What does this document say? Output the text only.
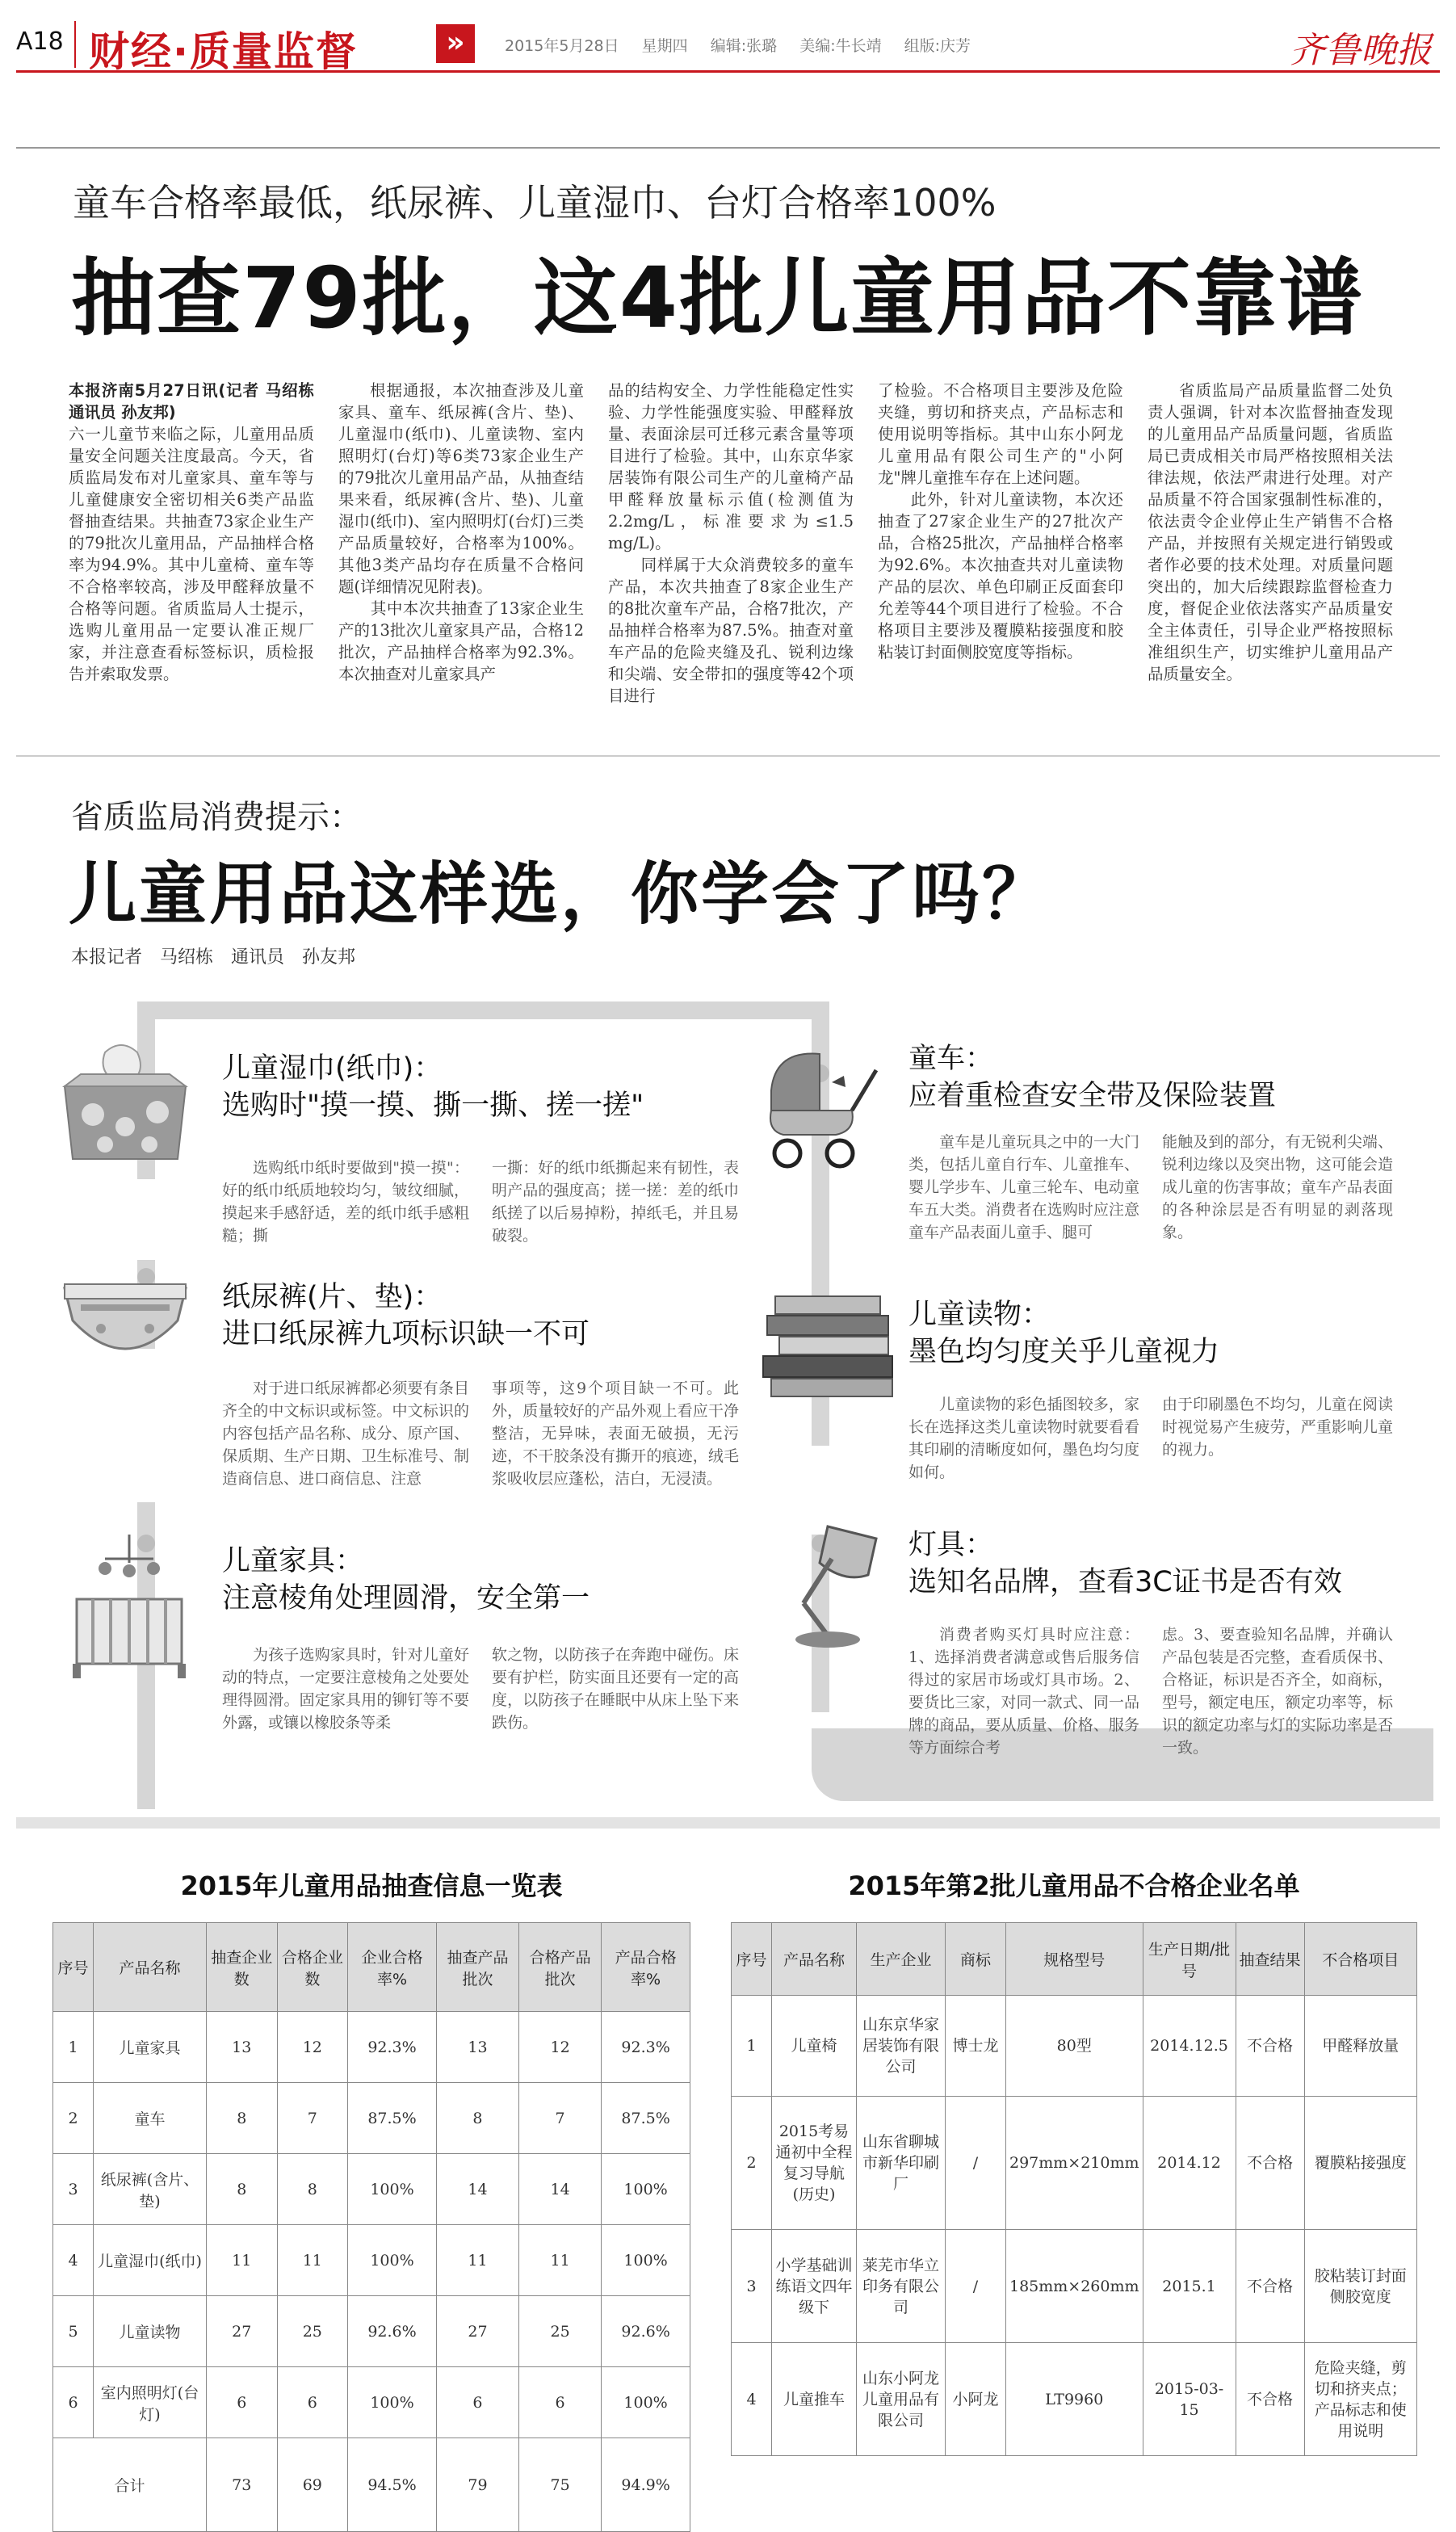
A18 财经·质量监督	»	2015年5月28日 星期四 编辑:张璐 美编:牛长靖 组版:庆芳	齐鲁晚报
童车合格率最低，纸尿裤、儿童湿巾、台灯合格率100%
抽查79批，这4批儿童用品不靠谱
本报济南5月27日讯(记者 马绍栋 通讯员 孙友邦)
六一儿童节来临之际，儿童用品质量安全问题关注度最高。今天，省质监局发布对儿童家具、童车等与儿童健康安全密切相关6类产品监督抽查结果。共抽查73家企业生产的79批次儿童用品，产品抽样合格率为94.9%。其中儿童椅、童车等不合格率较高，涉及甲醛释放量不合格等问题。省质监局人士提示，选购儿童用品一定要认准正规厂家，并注意查看标签标识，质检报告并索取发票。
根据通报，本次抽查涉及儿童家具、童车、纸尿裤(含片、垫)、儿童湿巾(纸巾)、儿童读物、室内照明灯(台灯)等6类73家企业生产的79批次儿童用品产品，从抽查结果来看，纸尿裤(含片、垫)、儿童湿巾(纸巾)、室内照明灯(台灯)三类产品质量较好，合格率为100%。其他3类产品均存在质量不合格问题(详细情况见附表)。
　　其中本次共抽查了13家企业生产的13批次儿童家具产品，合格12批次，产品抽样合格率为92.3%。本次抽查对儿童家具产
品的结构安全、力学性能稳定性实验、力学性能强度实验、甲醛释放量、表面涂层可迁移元素含量等项目进行了检验。其中，山东京华家居装饰有限公司生产的儿童椅产品甲醛释放量标示值(检测值为2.2mg/L，标准要求为≤1.5 mg/L)。
　　同样属于大众消费较多的童车产品，本次共抽查了8家企业生产的8批次童车产品，合格7批次，产品抽样合格率为87.5%。抽查对童车产品的危险夹缝及孔、锐利边缘和尖端、安全带扣的强度等42个项目进行
了检验。不合格项目主要涉及危险夹缝，剪切和挤夹点，产品标志和使用说明等指标。其中山东小阿龙儿童用品有限公司生产的"小阿龙"牌儿童推车存在上述问题。
　　此外，针对儿童读物，本次还抽查了27家企业生产的27批次产品，合格25批次，产品抽样合格率为92.6%。本次抽查共对儿童读物产品的层次、单色印刷正反面套印允差等44个项目进行了检验。不合格项目主要涉及覆膜粘接强度和胶粘装订封面侧胶宽度等指标。
省质监局产品质量监督二处负责人强调，针对本次监督抽查发现的儿童用品产品质量问题，省质监局已责成相关市局严格按照相关法律法规，依法严肃进行处理。对产品质量不符合国家强制性标准的，依法责令企业停止生产销售不合格产品，并按照有关规定进行销毁或者作必要的技术处理。对质量问题突出的，加大后续跟踪监督检查力度，督促企业依法落实产品质量安全主体责任，引导企业严格按照标准组织生产，切实维护儿童用品产品质量安全。
省质监局消费提示：
儿童用品这样选，你学会了吗？
本报记者　马绍栋　通讯员　孙友邦
儿童湿巾(纸巾)：
选购时"摸一摸、撕一撕、搓一搓"

选购纸巾纸时要做到"摸一摸"：好的纸巾纸质地较均匀，皱纹细腻，摸起来手感舒适，差的纸巾纸手感粗糙；撕

一撕：好的纸巾纸撕起来有韧性，表明产品的强度高；搓一搓：差的纸巾纸搓了以后易掉粉，掉纸毛，并且易破裂。

童车：
应着重检查安全带及保险装置

童车是儿童玩具之中的一大门类，包括儿童自行车、儿童推车、婴儿学步车、儿童三轮车、电动童车五大类。消费者在选购时应注意童车产品表面儿童手、腿可

能触及到的部分，有无锐利尖端、锐利边缘以及突出物，这可能会造成儿童的伤害事故；童车产品表面的各种涂层是否有明显的剥落现象。

纸尿裤(片、垫)：
进口纸尿裤九项标识缺一不可

对于进口纸尿裤都必须要有条目齐全的中文标识或标签。中文标识的内容包括产品名称、成分、原产国、保质期、生产日期、卫生标准号、制造商信息、进口商信息、注意

事项等，这9个项目缺一不可。此外，质量较好的产品外观上看应干净整洁，无异味，表面无破损，无污迹，不干胶条没有撕开的痕迹，绒毛浆吸收层应蓬松，洁白，无浸渍。

儿童读物：
墨色均匀度关乎儿童视力

儿童读物的彩色插图较多，家长在选择这类儿童读物时就要看看其印刷的清晰度如何，墨色均匀度如何。

由于印刷墨色不均匀，儿童在阅读时视觉易产生疲劳，严重影响儿童的视力。

儿童家具：
注意棱角处理圆滑，安全第一

为孩子选购家具时，针对儿童好动的特点，一定要注意棱角之处要处理得圆滑。固定家具用的铆钉等不要外露，或镶以橡胶条等柔

软之物，以防孩子在奔跑中碰伤。床要有护栏，防实面且还要有一定的高度，以防孩子在睡眠中从床上坠下来跌伤。

灯具：
选知名品牌，查看3C证书是否有效

消费者购买灯具时应注意：1、选择消费者满意或售后服务信得过的家居市场或灯具市场。2、要货比三家，对同一款式、同一品牌的商品，要从质量、价格、服务等方面综合考

虑。3、要查验知名品牌，并确认产品包装是否完整，查看质保书、合格证，标识是否齐全，如商标，型号，额定电压，额定功率等，标识的额定功率与灯的实际功率是否一致。

2015年儿童用品抽查信息一览表
序号	产品名称	抽查企业数	合格企业数	企业合格率%	抽查产品批次	合格产品批次	产品合格率%
1	儿童家具	13	12	92.3%	13	12	92.3%
2	童车	8	7	87.5%	8	7	87.5%
3	纸尿裤(含片、垫)	8	8	100%	14	14	100%
4	儿童湿巾(纸巾)	11	11	100%	11	11	100%
5	儿童读物	27	25	92.6%	27	25	92.6%
6	室内照明灯(台灯)	6	6	100%	6	6	100%
合计		73	69	94.5%	79	75	94.9%
2015年第2批儿童用品不合格企业名单
序号	产品名称	生产企业	商标	规格型号	生产日期/批号	抽查结果	不合格项目
1	儿童椅	山东京华家居装饰有限公司	博士龙	80型	2014.12.5	不合格	甲醛释放量
2	2015考易通初中全程复习导航(历史)	山东省聊城市新华印刷厂	/	297mm×210mm	2014.12	不合格	覆膜粘接强度
3	小学基础训练语文四年级下	莱芜市华立印务有限公司	/	185mm×260mm	2015.1	不合格	胶粘装订封面侧胶宽度
4	儿童推车	山东小阿龙儿童用品有限公司	小阿龙	LT9960	2015-03-15	不合格	危险夹缝，剪切和挤夹点；产品标志和使用说明
